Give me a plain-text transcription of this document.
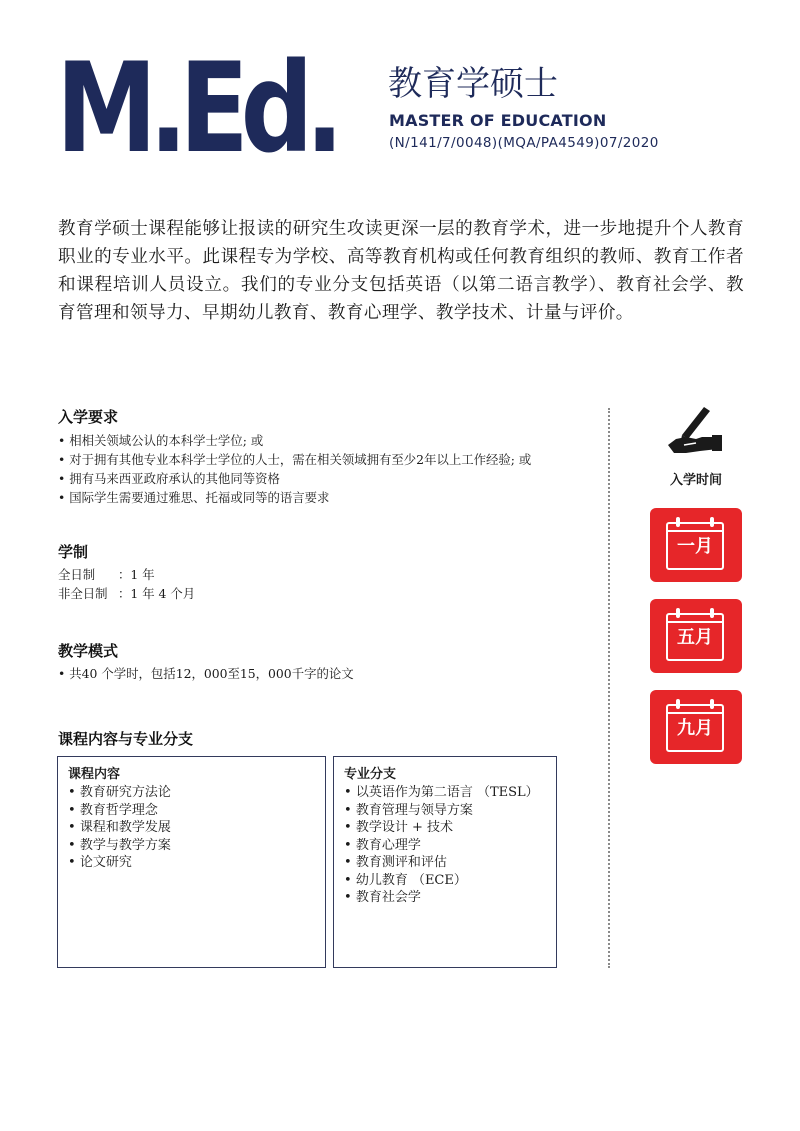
M.Ed. 教育学硕士
MASTER OF EDUCATION
(N/141/7/0048)(MQA/PA4549)07/2020
教育学硕士课程能够让报读的研究生攻读更深一层的教育学术，进一步地提升个人教育职业的专业水平。此课程专为学校、高等教育机构或任何教育组织的教师、教育工作者和课程培训人员设立。我们的专业分支包括英语（以第二语言教学）、教育社会学、教育管理和领导力、早期幼儿教育、教育心理学、教学技术、计量与评价。
入学要求
• 相相关领域公认的本科学士学位; 或
• 对于拥有其他专业本科学士学位的人士，需在相关领域拥有至少2年以上工作经验; 或
• 拥有马来西亚政府承认的其他同等资格
• 国际学生需要通过雅思、托福或同等的语言要求
学制
全日制	：1 年
非全日制 ：1 年 4 个月
教学模式
• 共40 个学时，包括12，000至15，000千字的论文
课程内容与专业分支
课程内容
• 教育研究方法论
• 教育哲学理念
• 课程和教学发展
• 教学与教学方案
• 论文研究
专业分支
• 以英语作为第二语言 （TESL）
• 教育管理与领导方案
• 教学设计 + 技术
• 教育心理学
• 教育测评和评估
• 幼儿教育 （ECE）
• 教育社会学
入学时间
一月
五月
九月
